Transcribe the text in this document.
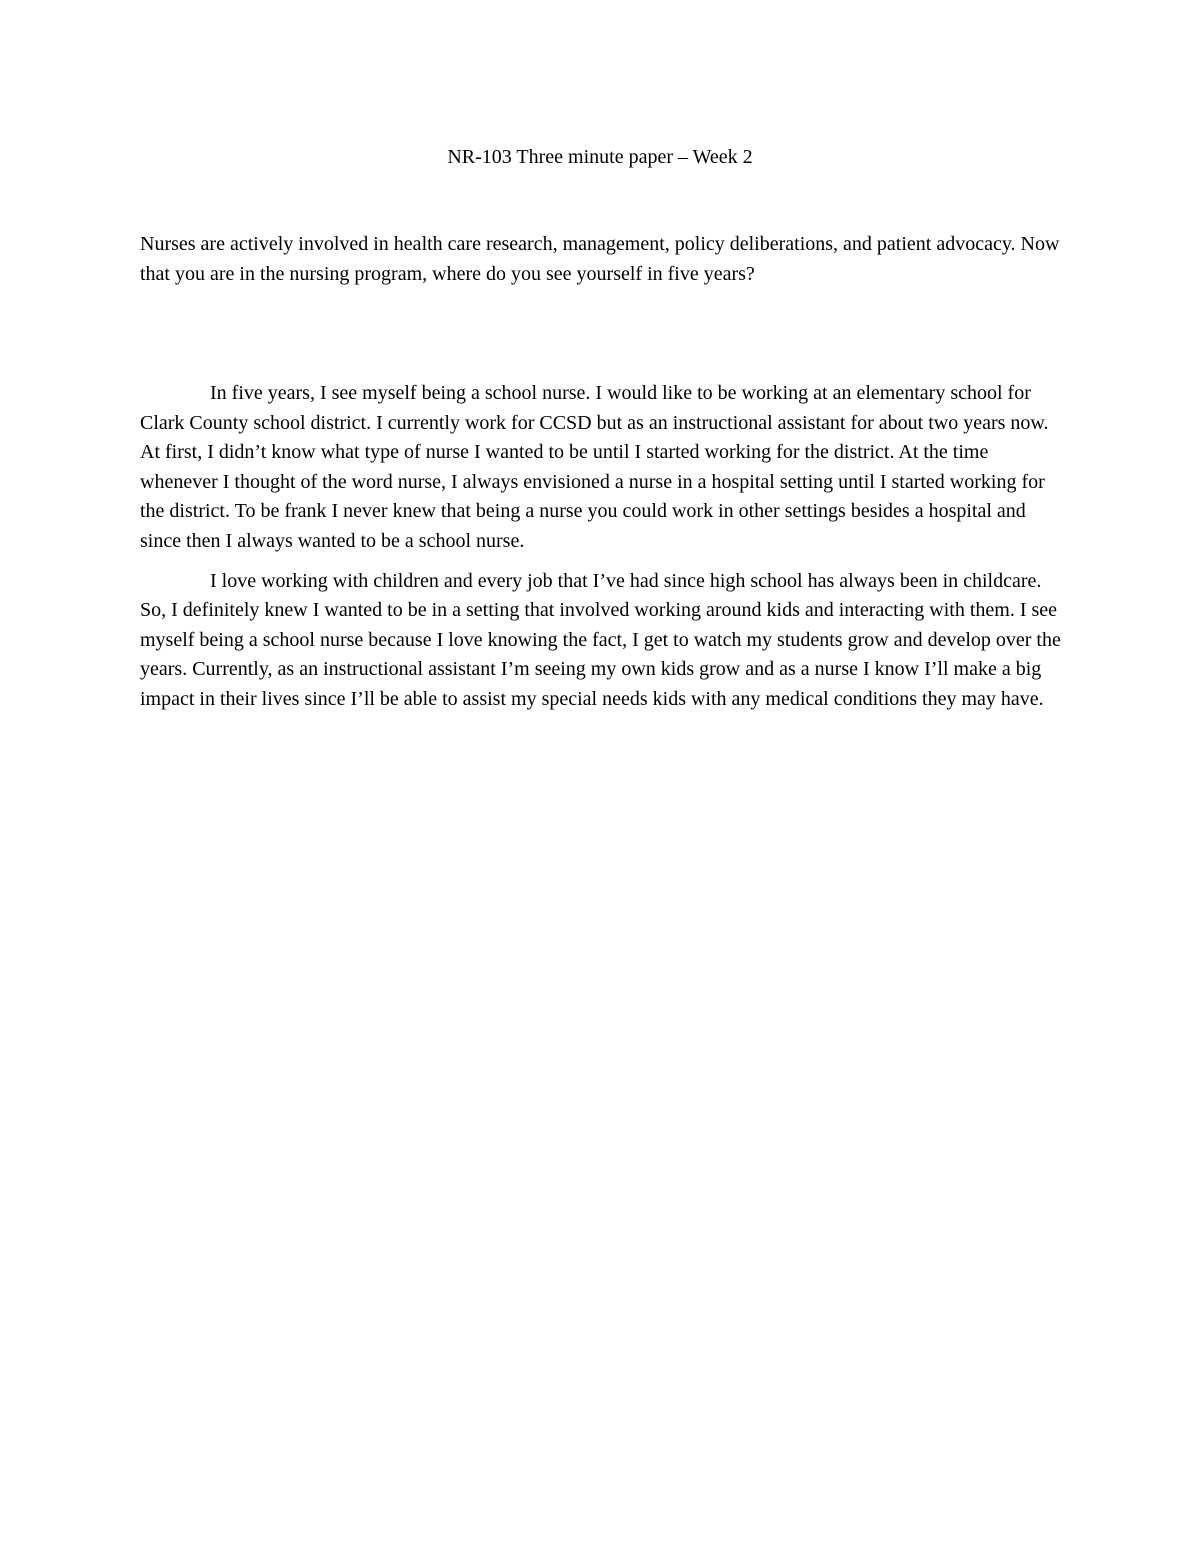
NR-103 Three minute paper – Week 2

Nurses are actively involved in health care research, management, policy deliberations, and patient advocacy. Now that you are in the nursing program, where do you see yourself in five years?

In five years, I see myself being a school nurse. I would like to be working at an elementary school for Clark County school district. I currently work for CCSD but as an instructional assistant for about two years now. At first, I didn’t know what type of nurse I wanted to be until I started working for the district. At the time whenever I thought of the word nurse, I always envisioned a nurse in a hospital setting until I started working for the district. To be frank I never knew that being a nurse you could work in other settings besides a hospital and since then I always wanted to be a school nurse.

I love working with children and every job that I’ve had since high school has always been in childcare. So, I definitely knew I wanted to be in a setting that involved working around kids and interacting with them. I see myself being a school nurse because I love knowing the fact, I get to watch my students grow and develop over the years. Currently, as an instructional assistant I’m seeing my own kids grow and as a nurse I know I’ll make a big impact in their lives since I’ll be able to assist my special needs kids with any medical conditions they may have.
